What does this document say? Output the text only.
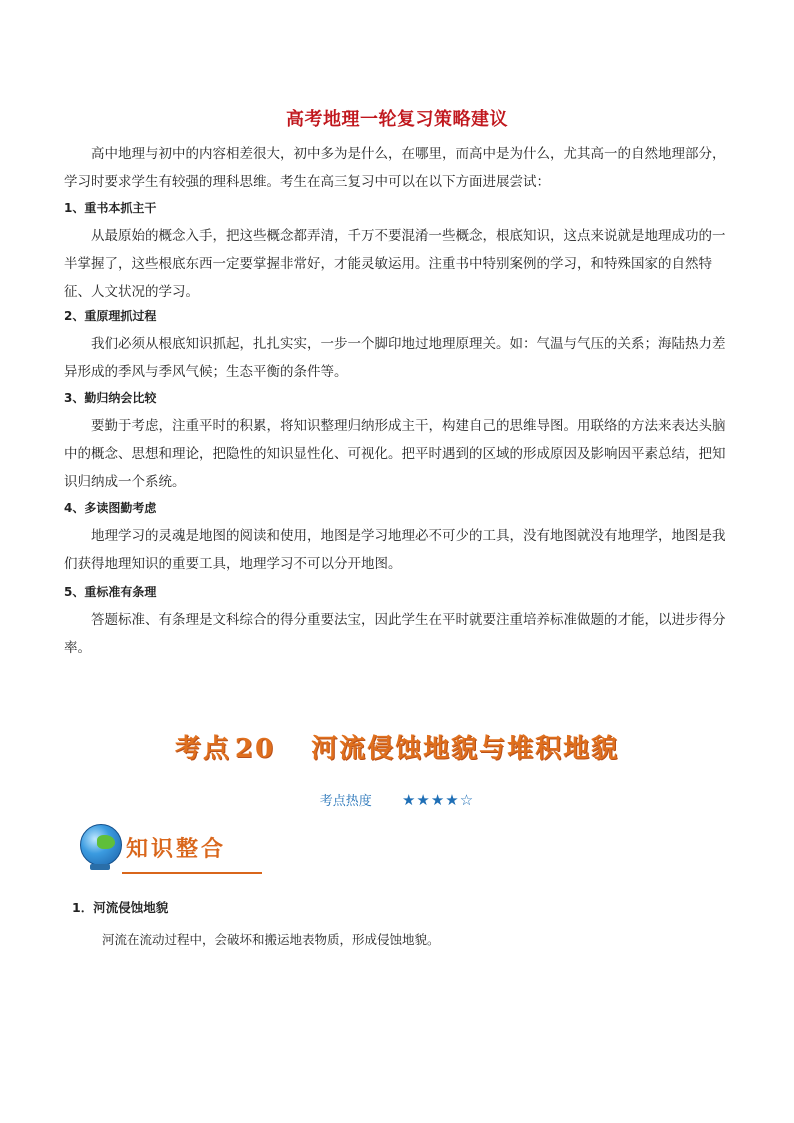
高考地理一轮复习策略建议

高中地理与初中的内容相差很大，初中多为是什么，在哪里，而高中是为什么，尤其高一的自然地理部分，学习时要求学生有较强的理科思维。考生在高三复习中可以在以下方面进展尝试：

1、重书本抓主干

从最原始的概念入手，把这些概念都弄清，千万不要混淆一些概念，根底知识，这点来说就是地理成功的一半掌握了，这些根底东西一定要掌握非常好，才能灵敏运用。注重书中特别案例的学习，和特殊国家的自然特征、人文状况的学习。

2、重原理抓过程

我们必须从根底知识抓起，扎扎实实，一步一个脚印地过地理原理关。如：气温与气压的关系；海陆热力差异形成的季风与季风气候；生态平衡的条件等。

3、勤归纳会比较

要勤于考虑，注重平时的积累，将知识整理归纳形成主干，构建自己的思维导图。用联络的方法来表达头脑中的概念、思想和理论，把隐性的知识显性化、可视化。把平时遇到的区域的形成原因及影响因平素总结，把知识归纳成一个系统。

4、多读图勤考虑

地理学习的灵魂是地图的阅读和使用，地图是学习地理必不可少的工具，没有地图就没有地理学，地图是我们获得地理知识的重要工具，地理学习不可以分开地图。

5、重标准有条理

答题标准、有条理是文科综合的得分重要法宝，因此学生在平时就要注重培养标准做题的才能，以进步得分率。

考点 20 河流侵蚀地貌与堆积地貌
考点热度 ★★★★☆
知识整合
1．河流侵蚀地貌
河流在流动过程中，会破坏和搬运地表物质，形成侵蚀地貌。
